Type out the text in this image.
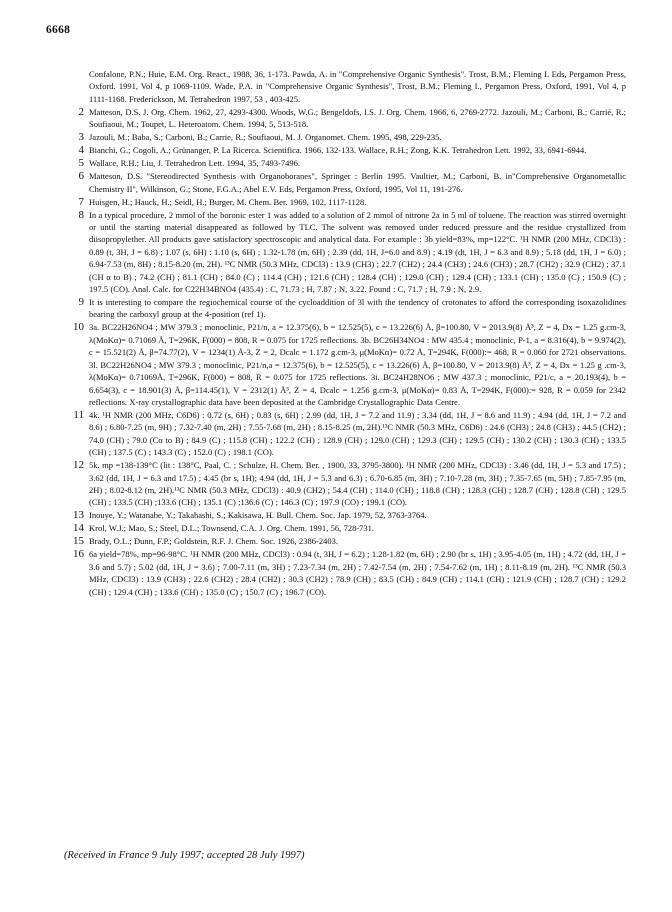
6668
Confalone, P.N.; Huie, E.M. Org. React., 1988, 36, 1-173. Pawda, A. in "Comprehensive Organic Synthesis". Trost, B.M.; Fleming I. Eds, Pergamon Press, Oxford. 1991, Vol 4, p 1069-1109. Wade, P.A. in "Comprehensive Organic Synthesis", Trost, B.M.; Fleming I., Pergamon Press, Oxford, 1991, Vol 4, p 1111-1168. Frederickson, M. Tetrahedron 1997, 53 , 403-425.
2 Matteson, D.S. J. Org. Chem. 1962, 27, 4293-4300. Woods, W.G.; Bengeldofs, I.S. J. Org. Chem. 1966, 6, 2769-2772. Jazouli, M.; Carboni, B.; Carrié, R.; Soufiaoui, M.; Toupet, L. Heteroatom. Chem. 1994, 5, 513-518.
3 Jazouli, M.; Baba, S.; Carboni, B.; Carrie, R.; Soufiaoui, M. J. Organomet. Chem. 1995, 498, 229-235.
4 Bianchi, G.; Cogoli, A.; Grünanger, P. La Ricerca. Scientifica. 1966, 132-133. Wallace, R.H.; Zong, K.K. Tetrahedron Lett. 1992, 33, 6941-6944.
5 Wallace, R.H.; Liu, J. Tetrahedron Lett. 1994, 35, 7493-7496.
6 Matteson, D.S. "Stereodirected Synthesis with Organoboranes", Springer : Berlin 1995. Vaultier, M.; Carboni, B. in"Comprehensive Organometallic Chemistry II", Wilkinson, G.; Stone, F.G.A.; Abel E.V. Eds, Pergamon Press, Oxford, 1995, Vol 11, 191-276.
7 Huisgen, H.; Hauck, H.; Seidl, H.; Burger, M. Chem. Ber. 1969, 102, 1117-1128.
8 In a typical procedure, 2 mmol of the boronic ester 1 was added to a solution of 2 mmol of nitrone 2a in 5 ml of toluene. The reaction was stirred overnight or until the starting material disappeared as followed by TLC. The solvent was removed under reduced pressure and the residue crystallized from diisopropylether. All products gave satisfactory spectroscopic and analytical data. For example : 3b yield=83%, mp=122°C. ¹H NMR (200 MHz, CDCl3) : 0.89 (t, 3H, J = 6.8) ; 1.07 (s, 6H) : 1.10 (s, 6H) ; 1.32-1.78 (m, 6H) ; 2.39 (dd, 1H, J=6.0 and 8.9) ; 4.19 (dt, 1H, J = 6.3 and 8.9) ; 5.18 (dd, 1H, J = 6.0) ; 6.94-7.53 (m, 8H) ; 8.15-8.20 (m, 2H). ¹³C NMR (50.3 MHz, CDCl3) : 13.9 (CH3) ; 22.7 (CH2) ; 24.4 (CH3) ; 24.6 (CH3) ; 28.7 (CH2) ; 32.9 (CH2) ; 37.1 (CH α to B) ; 74.2 (CH) ; 81.1 (CH) ; 84.0 (C) ; 114.4 (CH) ; 121.6 (CH) ; 128.4 (CH) ; 129.0 (CH) ; 129.4 (CH) ; 133.1 (CH) ; 135.0 (C) ; 150.9 (C) ; 197.5 (CO). Anal. Calc. for C22H34BNO4 (435.4) : C, 71.73 ; H, 7.87 ; N, 3.22. Found : C, 71.7 ; H, 7.9 ; N, 2.9.
9 It is interesting to compare the regiochemical course of the cycloaddition of 3l with the tendency of crotonates to afford the corresponding isoxazolidines bearing the carboxyl group at the 4-position (ref 1).
10 3a. BC22H26NO4 ; MW 379.3 ; monoclinic, P21/n, a = 12.375(6), b = 12.525(5), c = 13.226(6) Å, β=100.80, V = 2013.9(8) Å³, Z = 4, Dx = 1.25 g.cm-3, λ(MoKα)= 0.71069 Å, T=296K, F(000) = 808, R = 0.075 for 1725 reflections. 3b. BC26H34NO4 : MW 435.4 ; monoclinic, P-1, a = 8.316(4), b = 9.974(2), c = 15.521(2) Å, β=74.77(2), V = 1234(1) Å-3, Z = 2, Dcalc = 1.172 g.cm-3, μ(MoKα)= 0.72 Å, T=294K, F(000):= 468, R = 0.060 for 2721 observations. 3l. BC22H26NO4 ; MW 379.3 ; monoclinic, P21/n,a = 12.375(6), b = 12.525(5), c = 13.226(6) Å, β=100.80, V = 2013.9(8) Å³, Z = 4, Dx = 1.25 g .cm-3, λ(MoKα)= 0.71069Å, T=296K, F(000) = 808, R = 0.075 for 1725 reflections. 3i. BC24H28NO6 ; MW 437.3 ; monoclinic, P21/c, a = 20.193(4), b = 6.654(3), c = 18.901(3) Å, β=114.45(1), V = 2312(1) Å³, Z = 4, Dcalc = 1.256 g.cm-3, μ(MoKα)= 0.83 Å, T=294K, F(000):= 928, R = 0.059 for 2342 reflections. X-ray crystallographic data have been deposited at the Cambridge Crystallographic Data Centre.
11 4k. ¹H NMR (200 MHz, C6D6) : 0.72 (s, 6H) ; 0.83 (s, 6H) ; 2.99 (dd, 1H, J = 7.2 and 11.9) ; 3.34 (dd, 1H, J = 8.6 and 11.9) ; 4.94 (dd, 1H, J = 7.2 and 8.6) ; 6.80-7.25 (m, 9H) ; 7.32-7.40 (m, 2H) ; 7.55-7.68 (m, 2H) ; 8.15-8.25 (m, 2H).¹³C NMR (50.3 MHz, C6D6) : 24.6 (CH3) ; 24.8 (CH3) ; 44.5 (CH2) ; 74.0 (CH) ; 79.0 (Cα to B) ; 84.9 (C) ; 115.8 (CH) ; 122.2 (CH) ; 128.9 (CH) ; 129.0 (CH) ; 129.3 (CH) ; 129.5 (CH) ; 130.2 (CH) ; 130.3 (CH) ; 133.5 (CH) ; 137.5 (C) ; 143.3 (C) ; 152.0 (C) ; 198.1 (CO).
12 5k. mp =138-139°C (lit : 138°C, Paal, C. ; Schulze, H. Chem. Ber. , 1900, 33, 3795-3800). ¹H NMR (200 MHz, CDCl3) : 3.46 (dd, 1H, J = 5.3 and 17.5) ; 3.62 (dd, 1H, J = 6.3 and 17.5) ; 4.45 (br s, 1H); 4.94 (dd, 1H, J = 5.3 and 6.3) ; 6.70-6.85 (m, 3H) ; 7.10-7.28 (m, 3H) ; 7.35-7.65 (m, 5H) ; 7.85-7.95 (m, 2H) ; 8.02-8.12 (m, 2H).¹³C NMR (50.3 MHz, CDCl3) : 40.9 (CH2) ; 54.4 (CH) ; 114.0 (CH) ; 118.8 (CH) ; 128.3 (CH) ; 128.7 (CH) ; 128.8 (CH) ; 129.5 (CH) ; 133.5 (CH) ;133.6 (CH) ; 135.1 (C) ;136.6 (C) ; 146.3 (C) ; 197.9 (CO) ; 199.1 (CO).
13 Inouye, Y.; Watanabe, Y.; Takahashi, S.; Kakisawa, H. Bull. Chem. Soc. Jap. 1979, 52, 3763-3764.
14 Krol, W.J.; Mao, S.; Steel, D.L.; Townsend, C.A. J. Org. Chem. 1991, 56, 728-731.
15 Brady, O.L.; Dunn, F.P.; Goldstein, R.F. J. Chem. Soc. 1926, 2386-2403.
16 6a yield=78%, mp=96-98°C. ¹H NMR (200 MHz, CDCl3) : 0.94 (t, 3H, J = 6.2) ; 1.28-1.82 (m, 6H) ; 2.90 (br s, 1H) ; 3.95-4.05 (m, 1H) ; 4.72 (dd, 1H, J = 3.6 and 5.7) ; 5.02 (dd, 1H, J = 3.6) ; 7.00-7.11 (m, 3H) ; 7.23-7.34 (m, 2H) ; 7.42-7.54 (m, 2H) ; 7.54-7.62 (m, 1H) ; 8.11-8.19 (m, 2H). ¹³C NMR (50.3 MHz, CDCl3) : 13.9 (CH3) ; 22.6 (CH2) ; 28.4 (CH2) ; 30.3 (CH2) ; 78.9 (CH) ; 83.5 (CH) ; 84.9 (CH) ; 114.1 (CH) ; 121.9 (CH) ; 128.7 (CH) ; 129.2 (CH) ; 129.4 (CH) ; 133.6 (CH) ; 135.0 (C) ; 150.7 (C) ; 196.7 (CO).
(Received in France 9 July 1997; accepted 28 July 1997)
